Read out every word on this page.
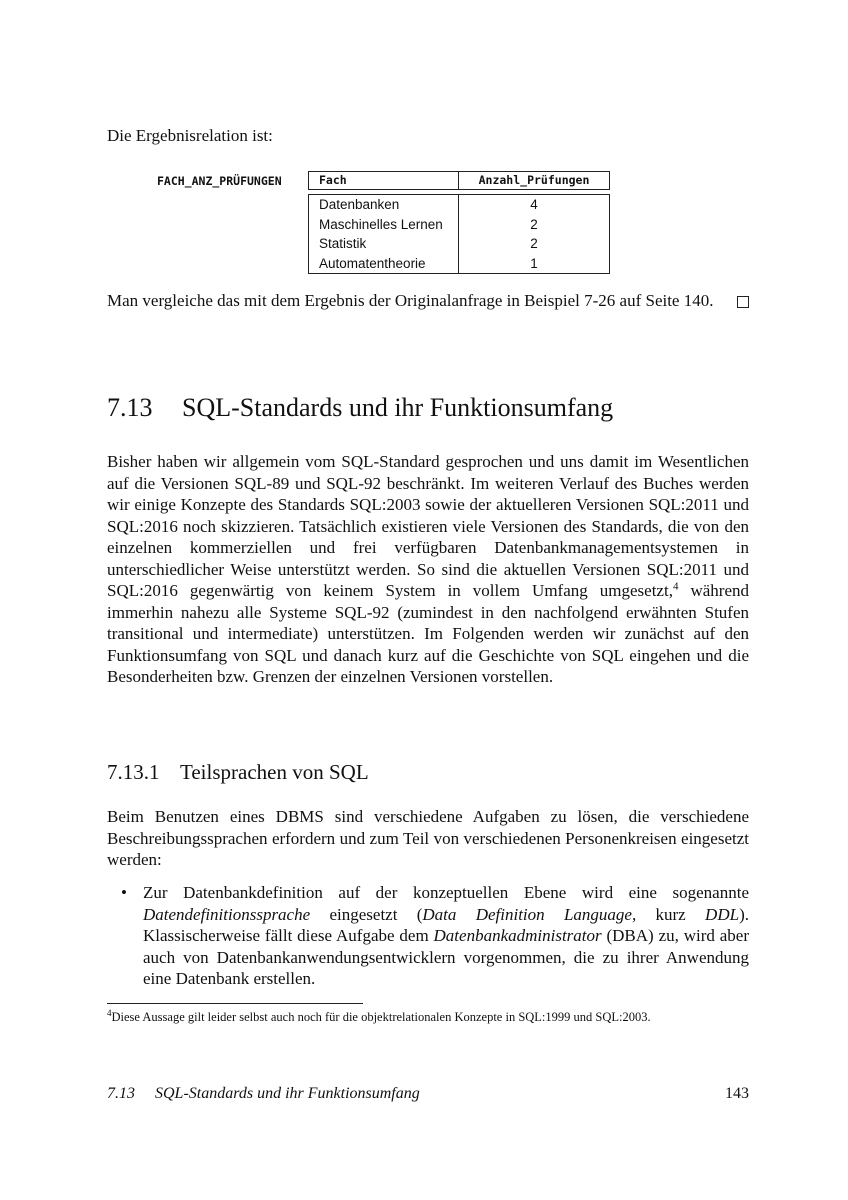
Die Ergebnisrelation ist:
FACH_ANZ_PRÜFUNGEN	Fach	Anzahl_Prüfungen
Datenbanken	4
Maschinelles Lernen	2
Statistik	2
Automatentheorie	1
Man vergleiche das mit dem Ergebnis der Originalanfrage in Beispiel 7-26 auf Seite 140.
7.13 SQL-Standards und ihr Funktionsumfang
Bisher haben wir allgemein vom SQL-Standard gesprochen und uns damit im Wesentlichen auf die Versionen SQL-89 und SQL-92 beschränkt. Im weiteren Verlauf des Buches werden wir einige Konzepte des Standards SQL:2003 sowie der aktuelleren Versionen SQL:2011 und SQL:2016 noch skizzieren. Tatsächlich existieren viele Versionen des Standards, die von den einzelnen kommerziellen und frei verfügbaren Datenbankmanagementsystemen in unterschiedlicher Weise unterstützt werden. So sind die aktuellen Versionen SQL:2011 und SQL:2016 gegenwärtig von keinem System in vollem Umfang umgesetzt,$^4$ während immerhin nahezu alle Systeme SQL-92 (zumindest in den nachfolgend erwähnten Stufen transitional und intermediate) unterstützen. Im Folgenden werden wir zunächst auf den Funktionsumfang von SQL und danach kurz auf die Geschichte von SQL eingehen und die Besonderheiten bzw. Grenzen der einzelnen Versionen vorstellen.
7.13.1 Teilsprachen von SQL
Beim Benutzen eines DBMS sind verschiedene Aufgaben zu lösen, die verschiedene Beschreibungssprachen erfordern und zum Teil von verschiedenen Personenkreisen eingesetzt werden:
• Zur Datenbankdefinition auf der konzeptuellen Ebene wird eine sogenannte Datendefinitionssprache eingesetzt (Data Definition Language, kurz DDL). Klassischerweise fällt diese Aufgabe dem Datenbankadministrator (DBA) zu, wird aber auch von Datenbankanwendungsentwicklern vorgenommen, die zu ihrer Anwendung eine Datenbank erstellen.
$^4$Diese Aussage gilt leider selbst auch noch für die objektrelationalen Konzepte in SQL:1999 und SQL:2003.
7.13 SQL-Standards und ihr Funktionsumfang	143
